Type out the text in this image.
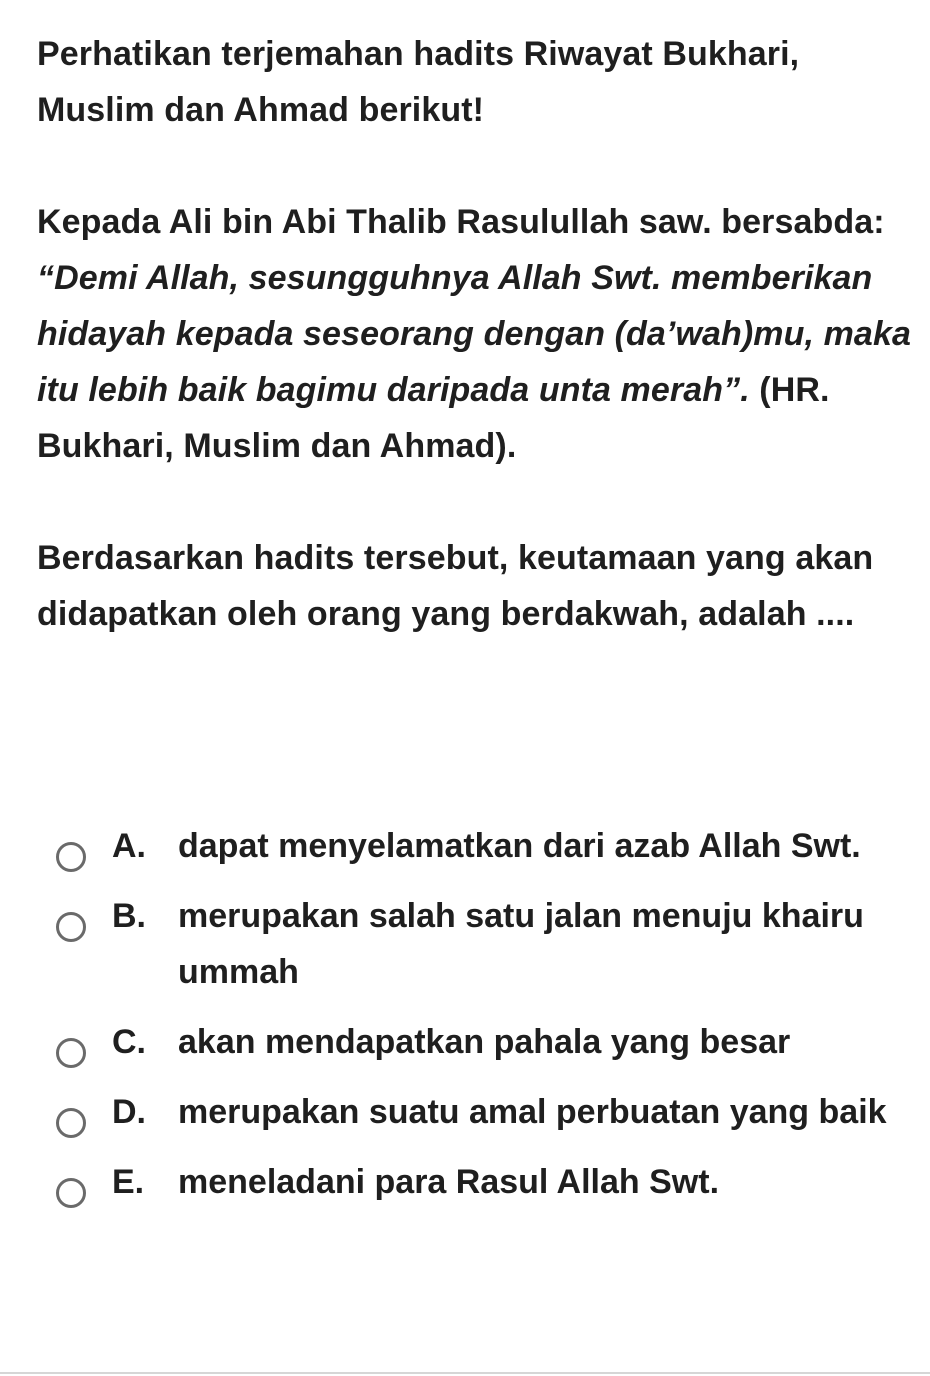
Perhatikan terjemahan hadits Riwayat Bukhari, Muslim dan Ahmad berikut!

Kepada Ali bin Abi Thalib Rasulullah saw. bersabda: “Demi Allah, sesungguhnya Allah Swt. memberikan hidayah kepada seseorang dengan (da’wah)mu, maka itu lebih baik bagimu daripada unta merah”. (HR. Bukhari, Muslim dan Ahmad).

Berdasarkan hadits tersebut, keutamaan yang akan didapatkan oleh orang yang berdakwah, adalah ....

A. dapat menyelamatkan dari azab Allah Swt.
B. merupakan salah satu jalan menuju khairu ummah
C. akan mendapatkan pahala yang besar
D. merupakan suatu amal perbuatan yang baik
E. meneladani para Rasul Allah Swt.
